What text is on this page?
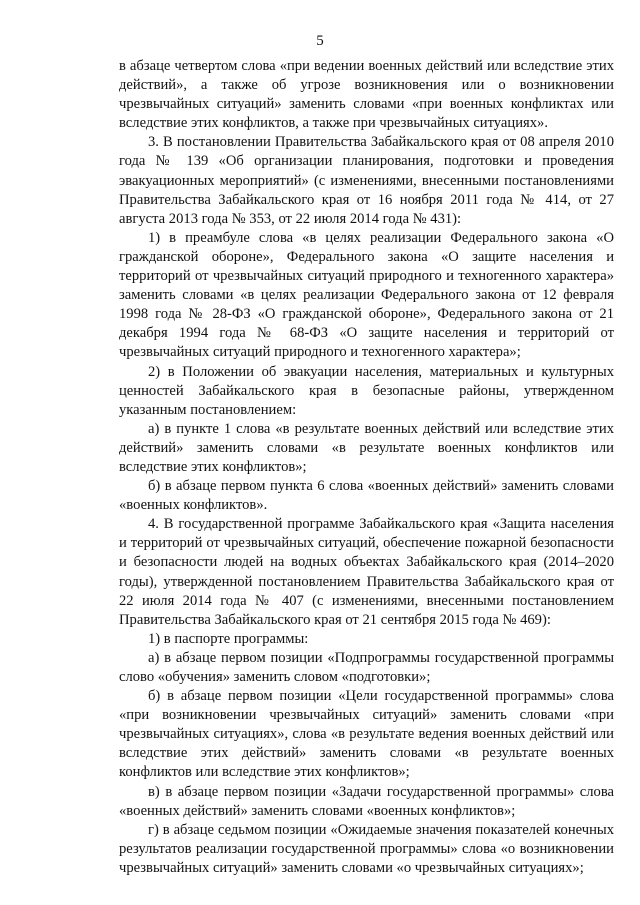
5

в абзаце четвертом слова «при ведении военных действий или вследствие этих действий», а также об угрозе возникновения или о возникновении чрезвычайных ситуаций» заменить словами «при военных конфликтах или вследствие этих конфликтов, а также при чрезвычайных ситуациях».

3. В постановлении Правительства Забайкальского края от 08 апреля 2010 года № 139 «Об организации планирования, подготовки и проведения эвакуационных мероприятий» (с изменениями, внесенными постановлениями Правительства Забайкальского края от 16 ноября 2011 года № 414, от 27 августа 2013 года № 353, от 22 июля 2014 года № 431):

1) в преамбуле слова «в целях реализации Федерального закона «О гражданской обороне», Федерального закона «О защите населения и территорий от чрезвычайных ситуаций природного и техногенного характера» заменить словами «в целях реализации Федерального закона от 12 февраля 1998 года № 28-ФЗ «О гражданской обороне», Федерального закона от 21 декабря 1994 года № 68-ФЗ «О защите населения и территорий от чрезвычайных ситуаций природного и техногенного характера»;

2) в Положении об эвакуации населения, материальных и культурных ценностей Забайкальского края в безопасные районы, утвержденном указанным постановлением:

а) в пункте 1 слова «в результате военных действий или вследствие этих действий» заменить словами «в результате военных конфликтов или вследствие этих конфликтов»;

б) в абзаце первом пункта 6 слова «военных действий» заменить словами «военных конфликтов».

4. В государственной программе Забайкальского края «Защита населения и территорий от чрезвычайных ситуаций, обеспечение пожарной безопасности и безопасности людей на водных объектах Забайкальского края (2014–2020 годы), утвержденной постановлением Правительства Забайкальского края от 22 июля 2014 года № 407 (с изменениями, внесенными постановлением Правительства Забайкальского края от 21 сентября 2015 года № 469):

1) в паспорте программы:

а) в абзаце первом позиции «Подпрограммы государственной программы слово «обучения» заменить словом «подготовки»;

б) в абзаце первом позиции «Цели государственной программы» слова «при возникновении чрезвычайных ситуаций» заменить словами «при чрезвычайных ситуациях», слова «в результате ведения военных действий или вследствие этих действий» заменить словами «в результате военных конфликтов или вследствие этих конфликтов»;

в) в абзаце первом позиции «Задачи государственной программы» слова «военных действий» заменить словами «военных конфликтов»;

г) в абзаце седьмом позиции «Ожидаемые значения показателей конечных результатов реализации государственной программы» слова «о возникновении чрезвычайных ситуаций» заменить словами «о чрезвычайных ситуациях»;
